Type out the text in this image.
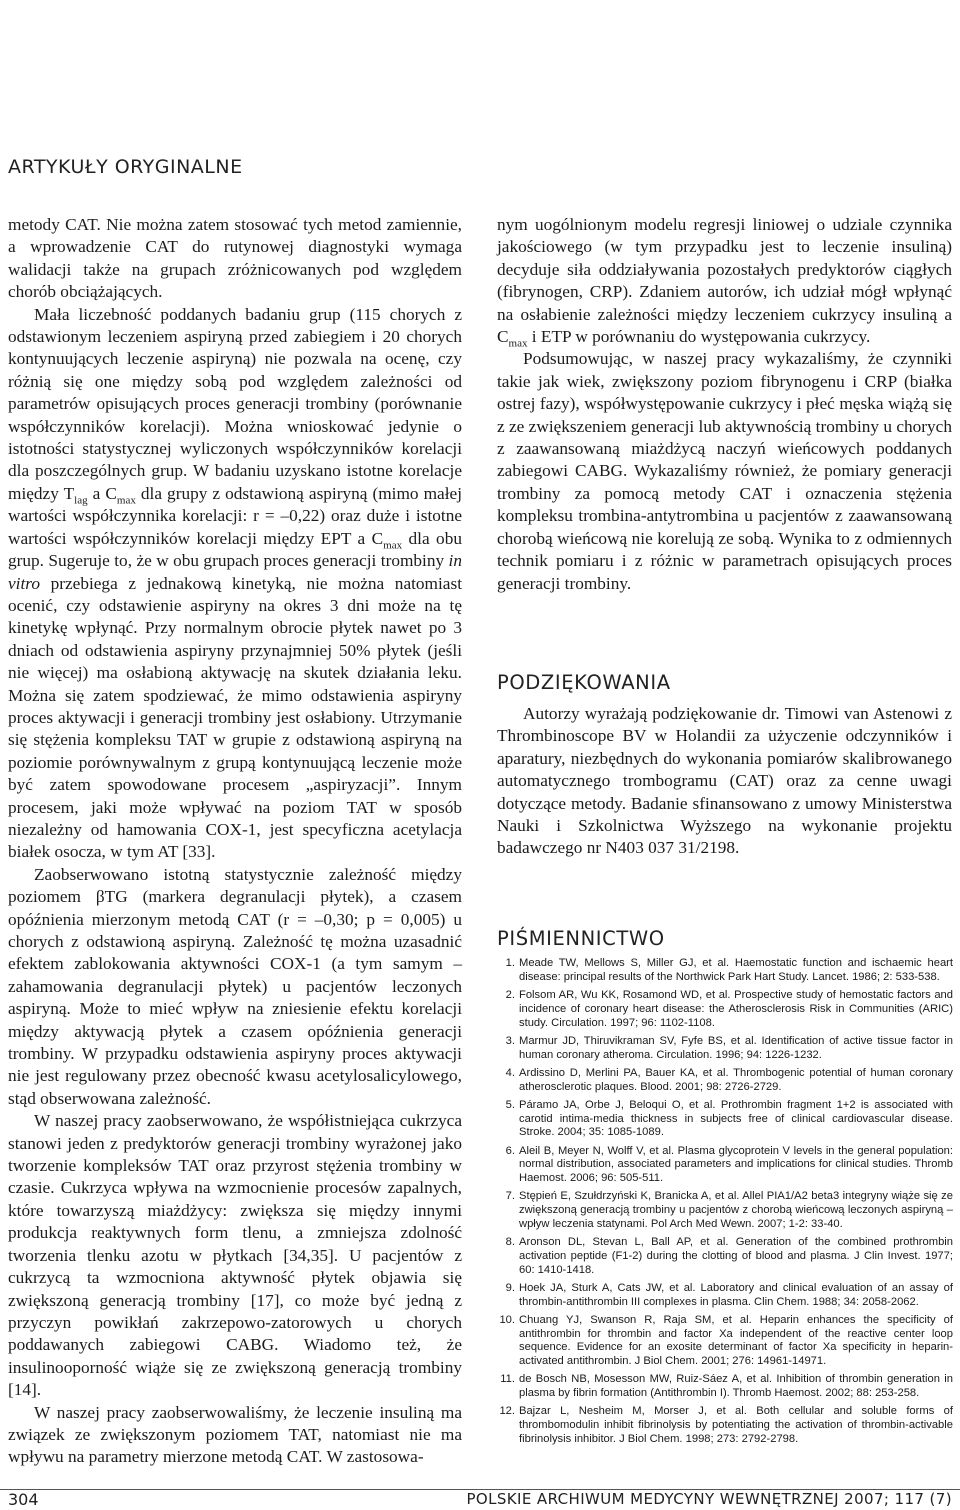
ARTYKUŁY ORYGINALNE

metody CAT. Nie można zatem stosować tych metod zamiennie, a wprowadzenie CAT do rutynowej diagnostyki wymaga walidacji także na grupach zróżnicowanych pod względem chorób obciążających.

Mała liczebność poddanych badaniu grup (115 chorych z odstawionym leczeniem aspiryną przed zabiegiem i 20 chorych kontynuujących leczenie aspiryną) nie pozwala na ocenę, czy różnią się one między sobą pod względem zależności od parametrów opisujących proces generacji trombiny (porównanie współczynników korelacji). Można wnioskować jedynie o istotności statystycznej wyliczonych współczynników korelacji dla poszczególnych grup. W badaniu uzyskano istotne korelacje między $T_{lag}$ a $C_{max}$ dla grupy z odstawioną aspiryną (mimo małej wartości współczynnika korelacji: r = –0,22) oraz duże i istotne wartości współczynników korelacji między EPT a $C_{max}$ dla obu grup. Sugeruje to, że w obu grupach proces generacji trombiny in vitro przebiega z jednakową kinetyką, nie można natomiast ocenić, czy odstawienie aspiryny na okres 3 dni może na tę kinetykę wpłynąć. Przy normalnym obrocie płytek nawet po 3 dniach od odstawienia aspiryny przynajmniej 50% płytek (jeśli nie więcej) ma osłabioną aktywację na skutek działania leku. Można się zatem spodziewać, że mimo odstawienia aspiryny proces aktywacji i generacji trombiny jest osłabiony. Utrzymanie się stężenia kompleksu TAT w grupie z odstawioną aspiryną na poziomie porównywalnym z grupą kontynuującą leczenie może być zatem spowodowane procesem „aspiryzacji”. Innym procesem, jaki może wpływać na poziom TAT w sposób niezależny od hamowania COX-1, jest specyficzna acetylacja białek osocza, w tym AT [33].

Zaobserwowano istotną statystycznie zależność między poziomem βTG (markera degranulacji płytek), a czasem opóźnienia mierzonym metodą CAT (r = –0,30; p = 0,005) u chorych z odstawioną aspiryną. Zależność tę można uzasadnić efektem zablokowania aktywności COX-1 (a tym samym – zahamowania degranulacji płytek) u pacjentów leczonych aspiryną. Może to mieć wpływ na zniesienie efektu korelacji między aktywacją płytek a czasem opóźnienia generacji trombiny. W przypadku odstawienia aspiryny proces aktywacji nie jest regulowany przez obecność kwasu acetylosalicylowego, stąd obserwowana zależność.

W naszej pracy zaobserwowano, że współistniejąca cukrzyca stanowi jeden z predyktorów generacji trombiny wyrażonej jako tworzenie kompleksów TAT oraz przyrost stężenia trombiny w czasie. Cukrzyca wpływa na wzmocnienie procesów zapalnych, które towarzyszą miażdżycy: zwiększa się między innymi produkcja reaktywnych form tlenu, a zmniejsza zdolność tworzenia tlenku azotu w płytkach [34,35]. U pacjentów z cukrzycą ta wzmocniona aktywność płytek objawia się zwiększoną generacją trombiny [17], co może być jedną z przyczyn powikłań zakrzepowo-zatorowych u chorych poddawanych zabiegowi CABG. Wiadomo też, że insulinooporność wiąże się ze zwiększoną generacją trombiny [14].

W naszej pracy zaobserwowaliśmy, że leczenie insuliną ma związek ze zwiększonym poziomem TAT, natomiast nie ma wpływu na parametry mierzone metodą CAT. W zastosowa-

nym uogólnionym modelu regresji liniowej o udziale czynnika jakościowego (w tym przypadku jest to leczenie insuliną) decyduje siła oddziaływania pozostałych predyktorów ciągłych (fibrynogen, CRP). Zdaniem autorów, ich udział mógł wpłynąć na osłabienie zależności między leczeniem cukrzycy insuliną a $C_{max}$ i ETP w porównaniu do występowania cukrzycy.

Podsumowując, w naszej pracy wykazaliśmy, że czynniki takie jak wiek, zwiększony poziom fibrynogenu i CRP (białka ostrej fazy), współwystępowanie cukrzycy i płeć męska wiążą się z ze zwiększeniem generacji lub aktywnością trombiny u chorych z zaawansowaną miażdżycą naczyń wieńcowych poddanych zabiegowi CABG. Wykazaliśmy również, że pomiary generacji trombiny za pomocą metody CAT i oznaczenia stężenia kompleksu trombina-antytrombina u pacjentów z zaawansowaną chorobą wieńcową nie korelują ze sobą. Wynika to z odmiennych technik pomiaru i z różnic w parametrach opisujących proces generacji trombiny.

PODZIĘKOWANIA

Autorzy wyrażają podziękowanie dr. Timowi van Astenowi z Thrombinoscope BV w Holandii za użyczenie odczynników i aparatury, niezbędnych do wykonania pomiarów skalibrowanego automatycznego trombogramu (CAT) oraz za cenne uwagi dotyczące metody. Badanie sfinansowano z umowy Ministerstwa Nauki i Szkolnictwa Wyższego na wykonanie projektu badawczego nr N403 037 31/2198.

PIŚMIENNICTWO
1. Meade TW, Mellows S, Miller GJ, et al. Haemostatic function and ischaemic heart disease: principal results of the Northwick Park Hart Study. Lancet. 1986; 2: 533-538.
2. Folsom AR, Wu KK, Rosamond WD, et al. Prospective study of hemostatic factors and incidence of coronary heart disease: the Atherosclerosis Risk in Communities (ARIC) study. Circulation. 1997; 96: 1102-1108.
3. Marmur JD, Thiruvikraman SV, Fyfe BS, et al. Identification of active tissue factor in human coronary atheroma. Circulation. 1996; 94: 1226-1232.
4. Ardissino D, Merlini PA, Bauer KA, et al. Thrombogenic potential of human coronary atherosclerotic plaques. Blood. 2001; 98: 2726-2729.
5. Páramo JA, Orbe J, Beloqui O, et al. Prothrombin fragment 1+2 is associated with carotid intima-media thickness in subjects free of clinical cardiovascular disease. Stroke. 2004; 35: 1085-1089.
6. Aleil B, Meyer N, Wolff V, et al. Plasma glycoprotein V levels in the general population: normal distribution, associated parameters and implications for clinical studies. Thromb Haemost. 2006; 96: 505-511.
7. Stępień E, Szułdrzyński K, Branicka A, et al. Allel PIA1/A2 beta3 integryny wiąże się ze zwiększoną generacją trombiny u pacjentów z chorobą wieńcową leczonych aspiryną – wpływ leczenia statynami. Pol Arch Med Wewn. 2007; 1-2: 33-40.
8. Aronson DL, Stevan L, Ball AP, et al. Generation of the combined prothrombin activation peptide (F1-2) during the clotting of blood and plasma. J Clin Invest. 1977; 60: 1410-1418.
9. Hoek JA, Sturk A, Cats JW, et al. Laboratory and clinical evaluation of an assay of thrombin-antithrombin III complexes in plasma. Clin Chem. 1988; 34: 2058-2062.
10. Chuang YJ, Swanson R, Raja SM, et al. Heparin enhances the specificity of antithrombin for thrombin and factor Xa independent of the reactive center loop sequence. Evidence for an exosite determinant of factor Xa specificity in heparin-activated antithrombin. J Biol Chem. 2001; 276: 14961-14971.
11. de Bosch NB, Mosesson MW, Ruiz-Sáez A, et al. Inhibition of thrombin generation in plasma by fibrin formation (Antithrombin I). Thromb Haemost. 2002; 88: 253-258.
12. Bajzar L, Nesheim M, Morser J, et al. Both cellular and soluble forms of thrombomodulin inhibit fibrinolysis by potentiating the activation of thrombin-activable fibrinolysis inhibitor. J Biol Chem. 1998; 273: 2792-2798.
304	POLSKIE ARCHIWUM MEDYCYNY WEWNĘTRZNEJ 2007; 117 (7)
